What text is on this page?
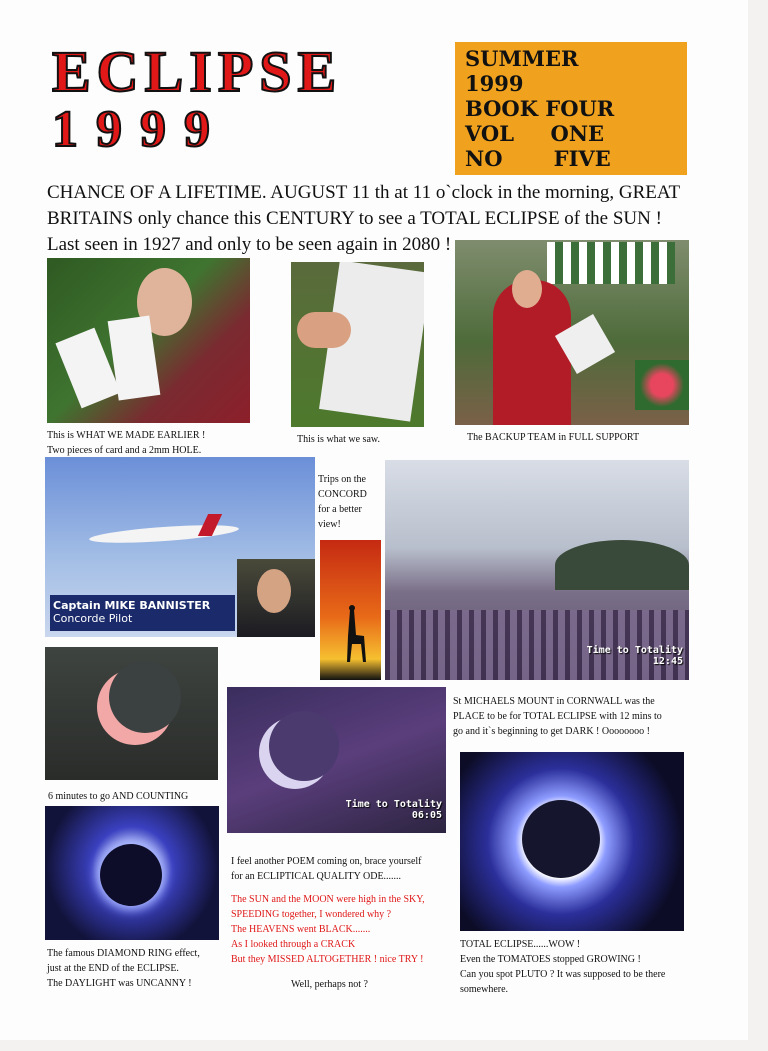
ECLIPSE
1999
SUMMER
1999
BOOK FOUR
VOL     ONE
NO       FIVE
CHANCE OF A LIFETIME. AUGUST 11 th at 11 o`clock in the morning, GREAT
BRITAINS only chance this CENTURY to see a TOTAL ECLIPSE of the SUN !
Last seen in 1927 and only to be seen again in 2080 !
This is WHAT WE MADE EARLIER !
Two pieces of card and a 2mm HOLE.
This is what we saw.	The BACKUP TEAM in FULL SUPPORT
Captain MIKE BANNISTER
Concorde Pilot
Trips on the
CONCORD
for a better
view!
Time to Totality
12:45
6 minutes to go AND COUNTING
Time to Totality
06:05
St MICHAELS MOUNT in CORNWALL was the
PLACE to be for TOTAL ECLIPSE with 12 mins to
go and it`s beginning to get DARK ! Oooooooo !
The famous DIAMOND RING effect,
just at the END of the ECLIPSE.
The DAYLIGHT was UNCANNY !

I feel another POEM coming on, brace yourself

for an ECLIPTICAL QUALITY ODE.......

The SUN and the MOON were high in the SKY,

SPEEDING together, I wondered why ?

The HEAVENS went BLACK.......

As I looked through a CRACK

But they MISSED ALTOGETHER ! nice TRY !

Well, perhaps not ?

TOTAL ECLIPSE......WOW !
Even the TOMATOES stopped GROWING !
Can you spot PLUTO ? It was supposed to be there
somewhere.
